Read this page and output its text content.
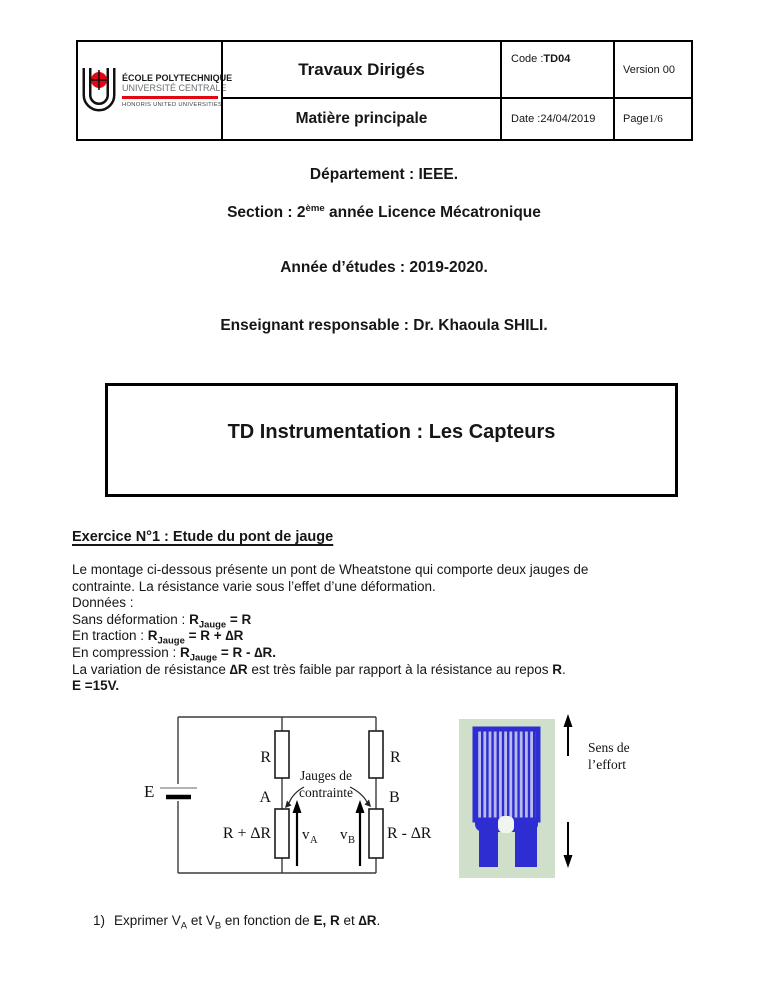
ÉCOLE POLYTECHNIQUE
UNIVERSITÉ CENTRALE
HONORIS UNITED UNIVERSITIES
Travaux Dirigés
Matière principale
Code : TD04
Date :24/04/2019
Version 00
Page 1/6
Département : IEEE.
Section : 2ème année Licence Mécatronique
Année d’études : 2019-2020.
Enseignant responsable : Dr. Khaoula SHILI.
TD Instrumentation : Les Capteurs
Exercice N°1 : Etude du pont de jauge
Le montage ci-dessous présente un pont de Wheatstone qui comporte deux jauges de
contrainte. La résistance varie sous l’effet d’une déformation.
Données :
Sans déformation : $R_{Jauge} = R$
En traction : $R_{Jauge} = R + \Delta R$
En compression : $R_{Jauge} = R - \Delta R$.
La variation de résistance ∆R est très faible par rapport à la résistance au repos R.
E =15V.
E
R	R
A	B
Jauges de
contrainte
R + ∆R	R - ∆R
v A v B
Sens de
l’effort
1) Exprimer $V_A$ et $V_B$ en fonction de E, R et ∆R.
